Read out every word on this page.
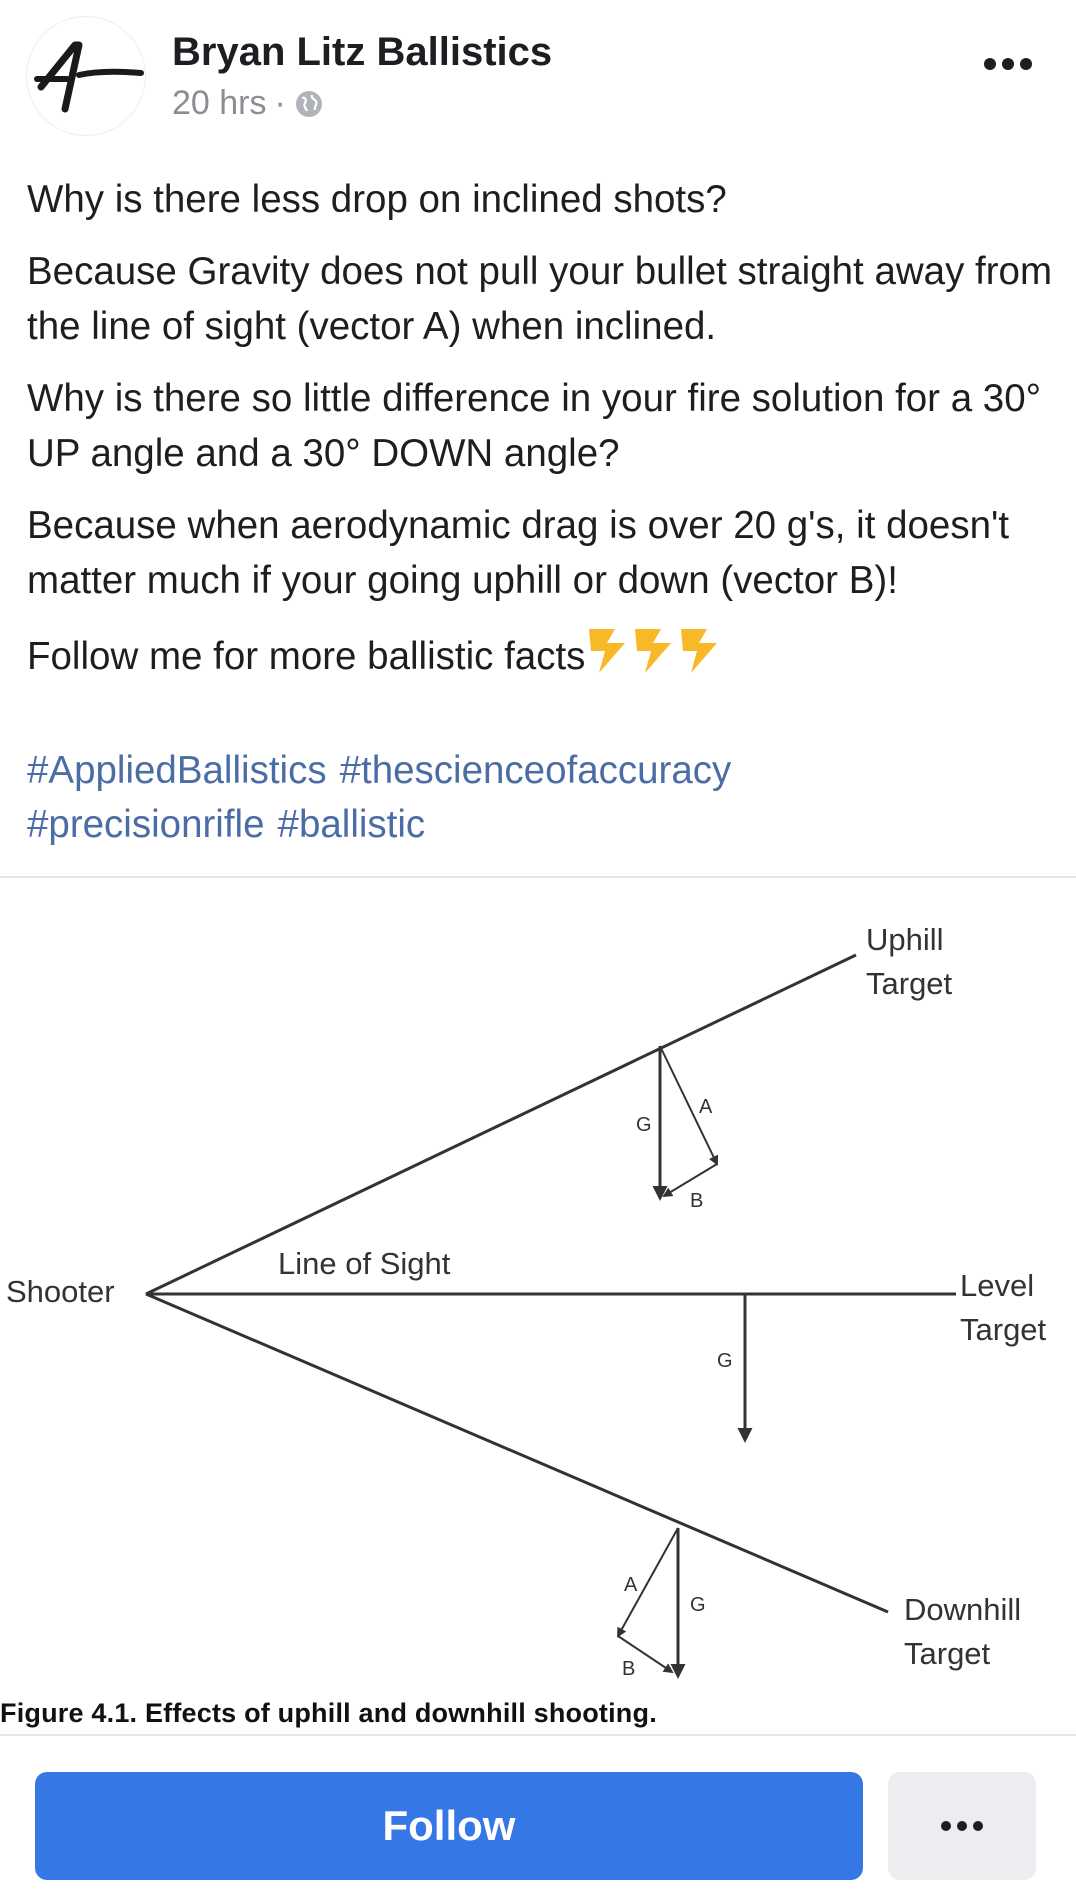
Bryan Litz Ballistics
20 hrs ·

Why is there less drop on inclined shots?

Because Gravity does not pull your bullet straight away from the line of sight (vector A) when inclined.

Why is there so little difference in your fire solution for a 30° UP angle and a 30° DOWN angle?

Because when aerodynamic drag is over 20 g's, it doesn't matter much if your going uphill or down (vector B)!

Follow me for more ballistic facts

#AppliedBallistics #thescienceofaccuracy
#precisionrifle #ballistic
Shooter
Line of Sight
Uphill
Target
Level
Target
Downhill
Target
G
A
B
G
G
A
B
Figure 4.1. Effects of uphill and downhill shooting.
Follow
